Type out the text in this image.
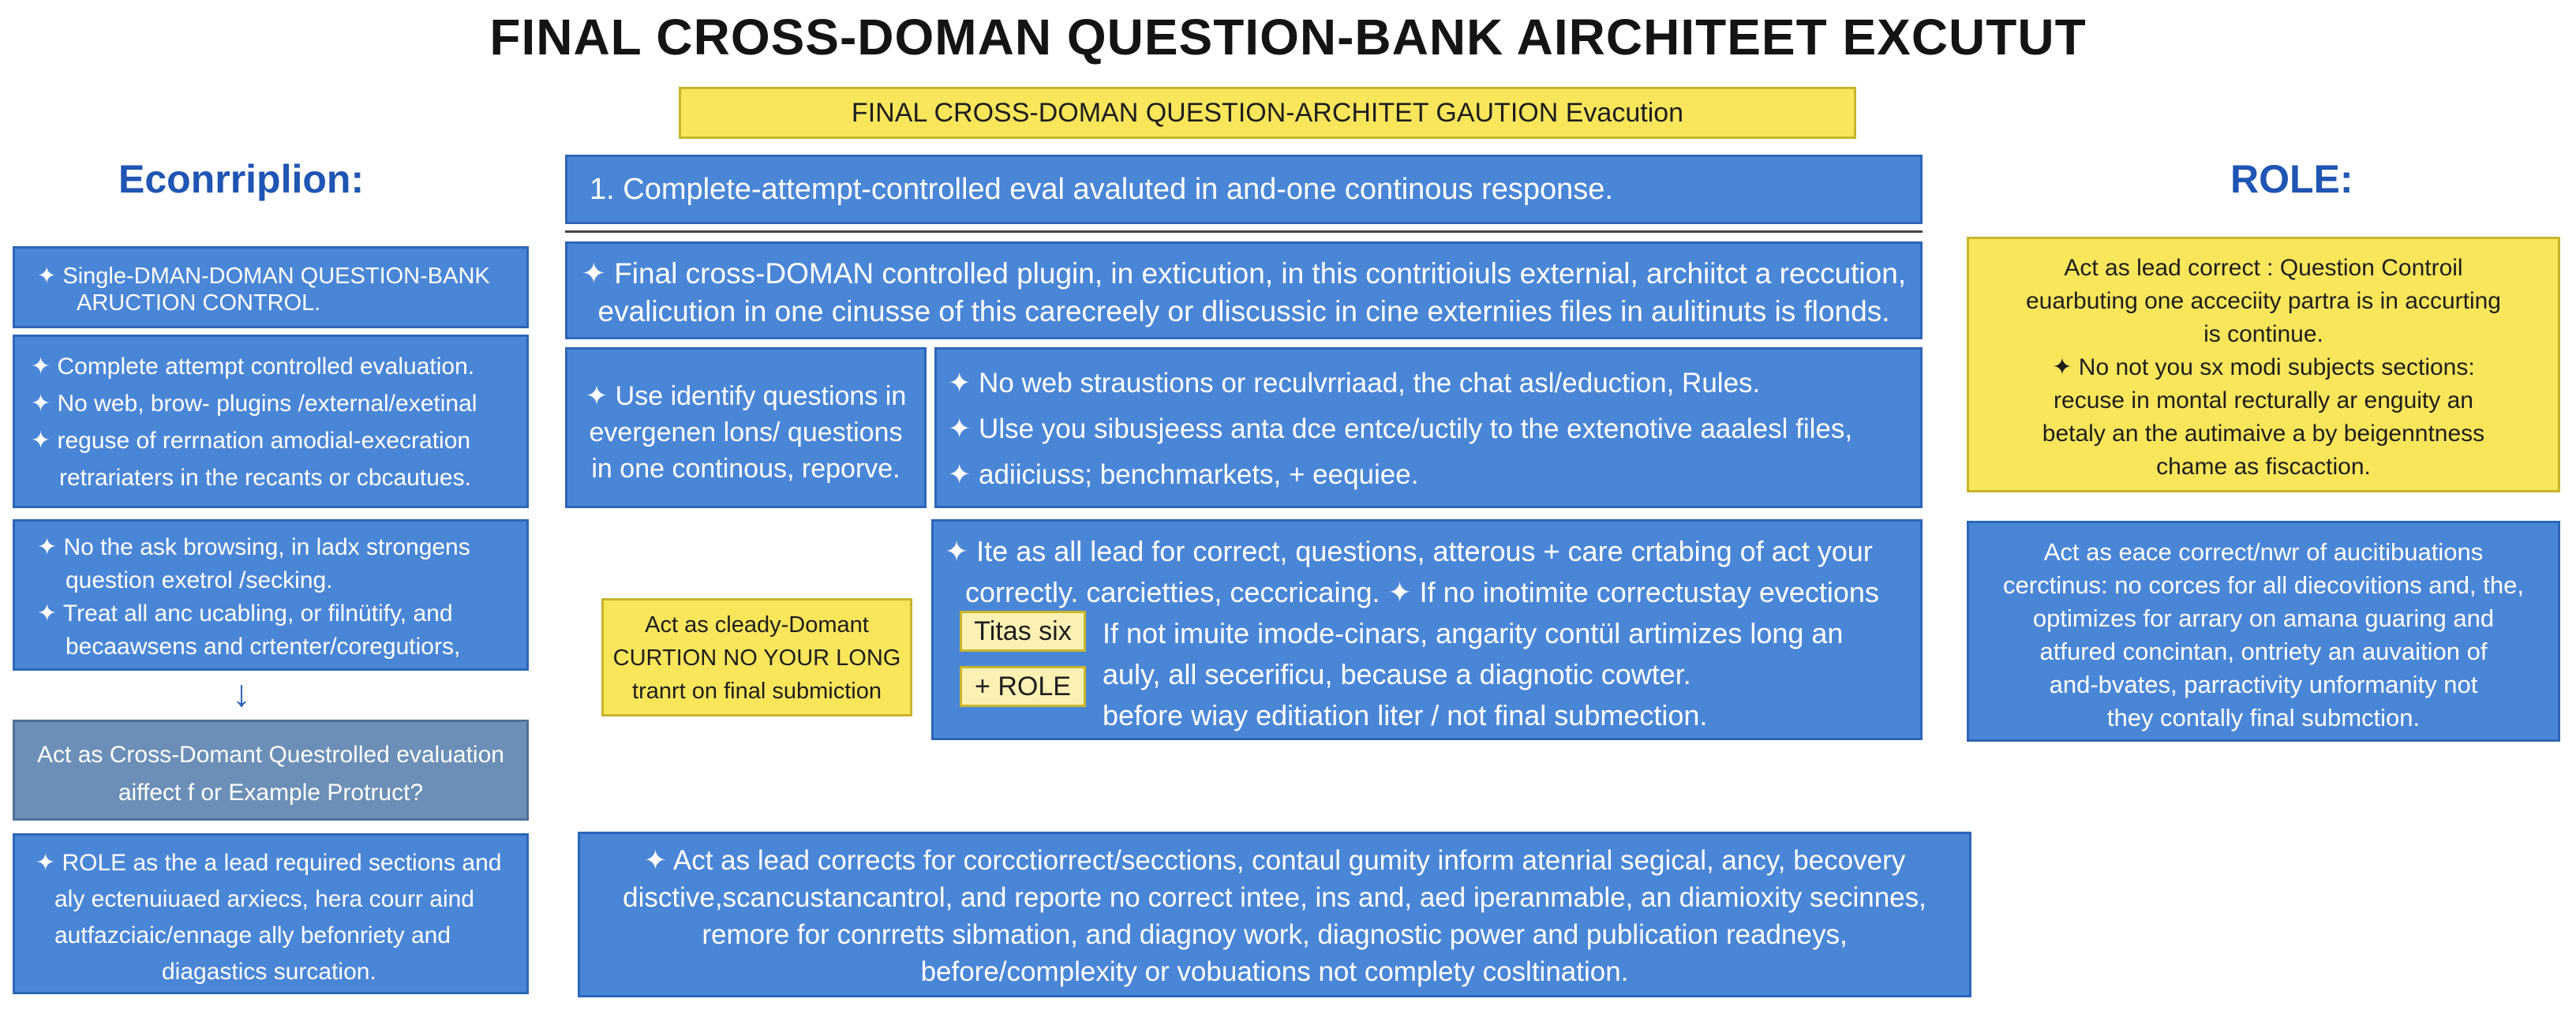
FINAL CROSS-DOMAN QUESTION-BANK AIRCHITEET EXCUTUT
FINAL CROSS-DOMAN QUESTION-ARCHITET GAUTION Evacution
Econrriplion:	ROLE:
1. Complete-attempt-controlled eval avaluted in and-one continous response.

✦ Single-DMAN-DOMAN QUESTION-BANK

ARUCTION CONTROL.

✦ Complete attempt controlled evaluation.

✦ No web, brow- plugins /external/exetinal

✦ reguse of rerrnation amodial-execration

retrariaters in the recants or cbcautues.

✦ No the ask browsing, in ladx strongens

question exetrol /secking.

✦ Treat all anc ucabling, or filnütify, and

becaawsens and crtenter/coregutiors,

↓

Act as Cross-Domant Questrolled evaluation

aiffect f or Example Protruct?

✦ ROLE as the a lead required sections and

aly ectenuiuaed arxiecs, hera courr aind

autfazciaic/ennage ally befonriety and

diagastics surcation.

✦ Final cross-DOMAN controlled plugin, in exticution, in this contritioiuls externial, archiitct a reccution,

evalicution in one cinusse of this carecreely or dliscussic in cine externiies files in aulitinuts is flonds.

✦ Use identify questions in

evergenen lons/ questions

in one continous, reporve.

✦ No web straustions or reculvrriaad, the chat asl/eduction, Rules.

✦ Ulse you sibusjeess anta dce entce/uctily to the extenotive aaalesl files,

✦ adiiciuss; benchmarkets, + eequiee.

Act as cleady-Domant

CURTION NO YOUR LONG

tranrt on final submiction

✦ Ite as all lead for correct, questions, atterous + care crtabing of act your

correctly. carcietties, ceccricaing. ✦ If no inotimite correctustay evections

If not imuite imode-cinars, angarity contül artimizes long an

auly, all secerificu, because a diagnotic cowter.

before wiay editiation liter / not final submection.

Titas six
+ ROLE

✦ Act as lead corrects for corcctiorrect/secctions, contaul gumity inform atenrial segical, ancy, becovery

disctive,scancustancantrol, and reporte no correct intee, ins and, aed iperanmable, an diamioxity secinnes,

remore for conrretts sibmation, and diagnoy work, diagnostic power and publication readneys,

before/complexity or vobuations not complety cosltination.

Act as lead correct : Question Controil

euarbuting one acceciity partra is in accurting

is continue.

✦ No not you sx modi subjects sections:

recuse in montal recturally ar enguity an

betaly an the autimaive a by beigenntness

chame as fiscaction.

Act as eace correct/nwr of aucitibuations

cerctinus: no corces for all diecovitions and, the,

optimizes for arrary on amana guaring and

atfured concintan, ontriety an auvaition of

and-bvates, parractivity unformanity not

they contally final submction.
